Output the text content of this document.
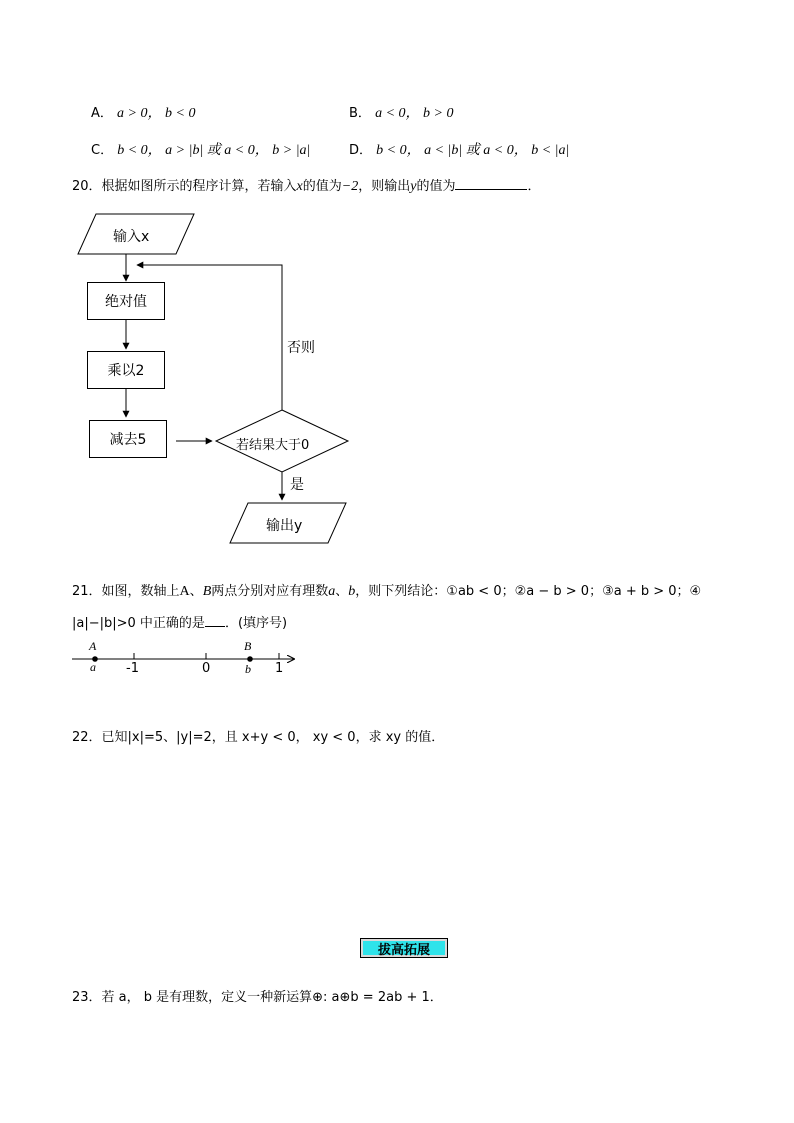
A． a > 0， b < 0	B． a < 0， b > 0
C． b < 0， a > |b| 或 a < 0， b > |a|	D． b < 0， a < |b| 或 a < 0， b < |a|
20．根据如图所示的程序计算，若输入x的值为−2，则输出y的值为	．
输入x
绝对值
乘以2
减去5	若结果大于0
否则
是
输出y
21．如图，数轴上A、B两点分别对应有理数a、b，则下列结论：①ab < 0；②a − b > 0；③a + b > 0；④
|a|−|b|>0 中正确的是 ．(填序号)
A
a
B
b
-1	0	1
22．已知|x|=5、|y|=2，且 x+y < 0， xy < 0，求 xy 的值．
拔高拓展
23．若 a， b 是有理数，定义一种新运算⊕: a⊕b = 2ab + 1．
